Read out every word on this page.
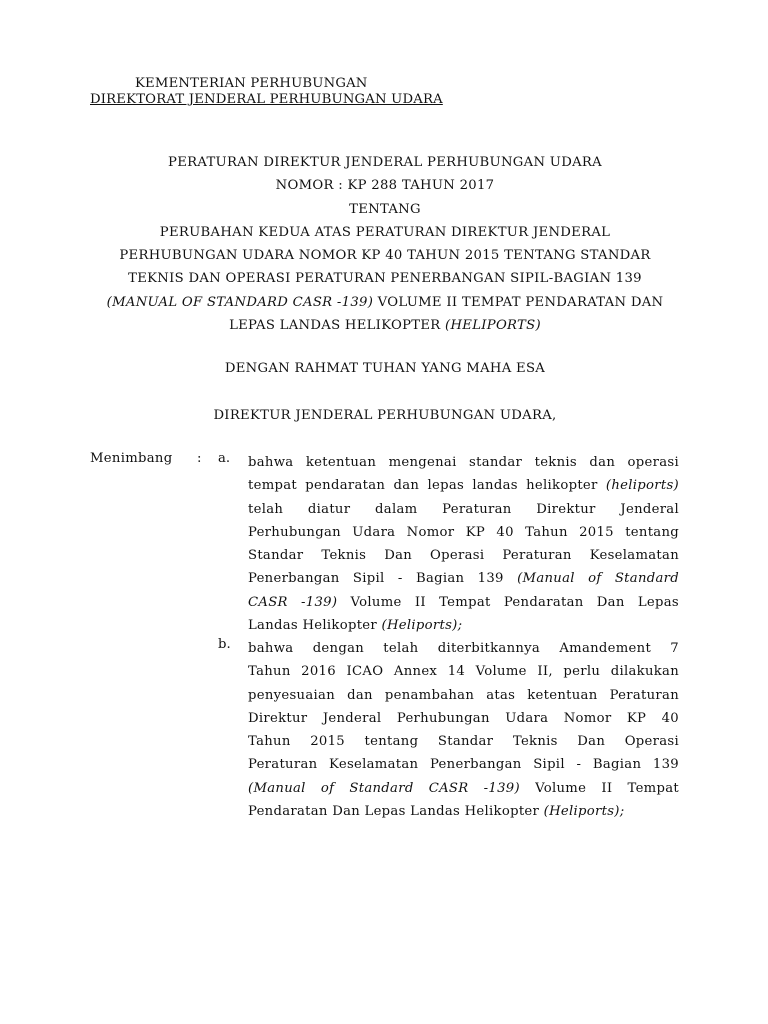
KEMENTERIAN PERHUBUNGAN
DIREKTORAT JENDERAL PERHUBUNGAN UDARA
PERATURAN DIREKTUR JENDERAL PERHUBUNGAN UDARA
NOMOR : KP 288 TAHUN 2017
TENTANG
PERUBAHAN KEDUA ATAS PERATURAN DIREKTUR JENDERAL
PERHUBUNGAN UDARA NOMOR KP 40 TAHUN 2015 TENTANG STANDAR
TEKNIS DAN OPERASI PERATURAN PENERBANGAN SIPIL-BAGIAN 139
(MANUAL OF STANDARD CASR -139) VOLUME II TEMPAT PENDARATAN DAN
LEPAS LANDAS HELIKOPTER (HELIPORTS)
DENGAN RAHMAT TUHAN YANG MAHA ESA
DIREKTUR JENDERAL PERHUBUNGAN UDARA,
Menimbang : a. bahwa ketentuan mengenai standar teknis dan operasi
tempat pendaratan dan lepas landas helikopter (heliports)
telah diatur dalam Peraturan Direktur Jenderal
Perhubungan Udara Nomor KP 40 Tahun 2015 tentang
Standar Teknis Dan Operasi Peraturan Keselamatan
Penerbangan Sipil - Bagian 139 (Manual of Standard
CASR -139) Volume II Tempat Pendaratan Dan Lepas
Landas Helikopter (Heliports);
b. bahwa dengan telah diterbitkannya Amandement 7
Tahun 2016 ICAO Annex 14 Volume II, perlu dilakukan
penyesuaian dan penambahan atas ketentuan Peraturan
Direktur Jenderal Perhubungan Udara Nomor KP 40
Tahun 2015 tentang Standar Teknis Dan Operasi
Peraturan Keselamatan Penerbangan Sipil - Bagian 139
(Manual of Standard CASR -139) Volume II Tempat
Pendaratan Dan Lepas Landas Helikopter (Heliports);
